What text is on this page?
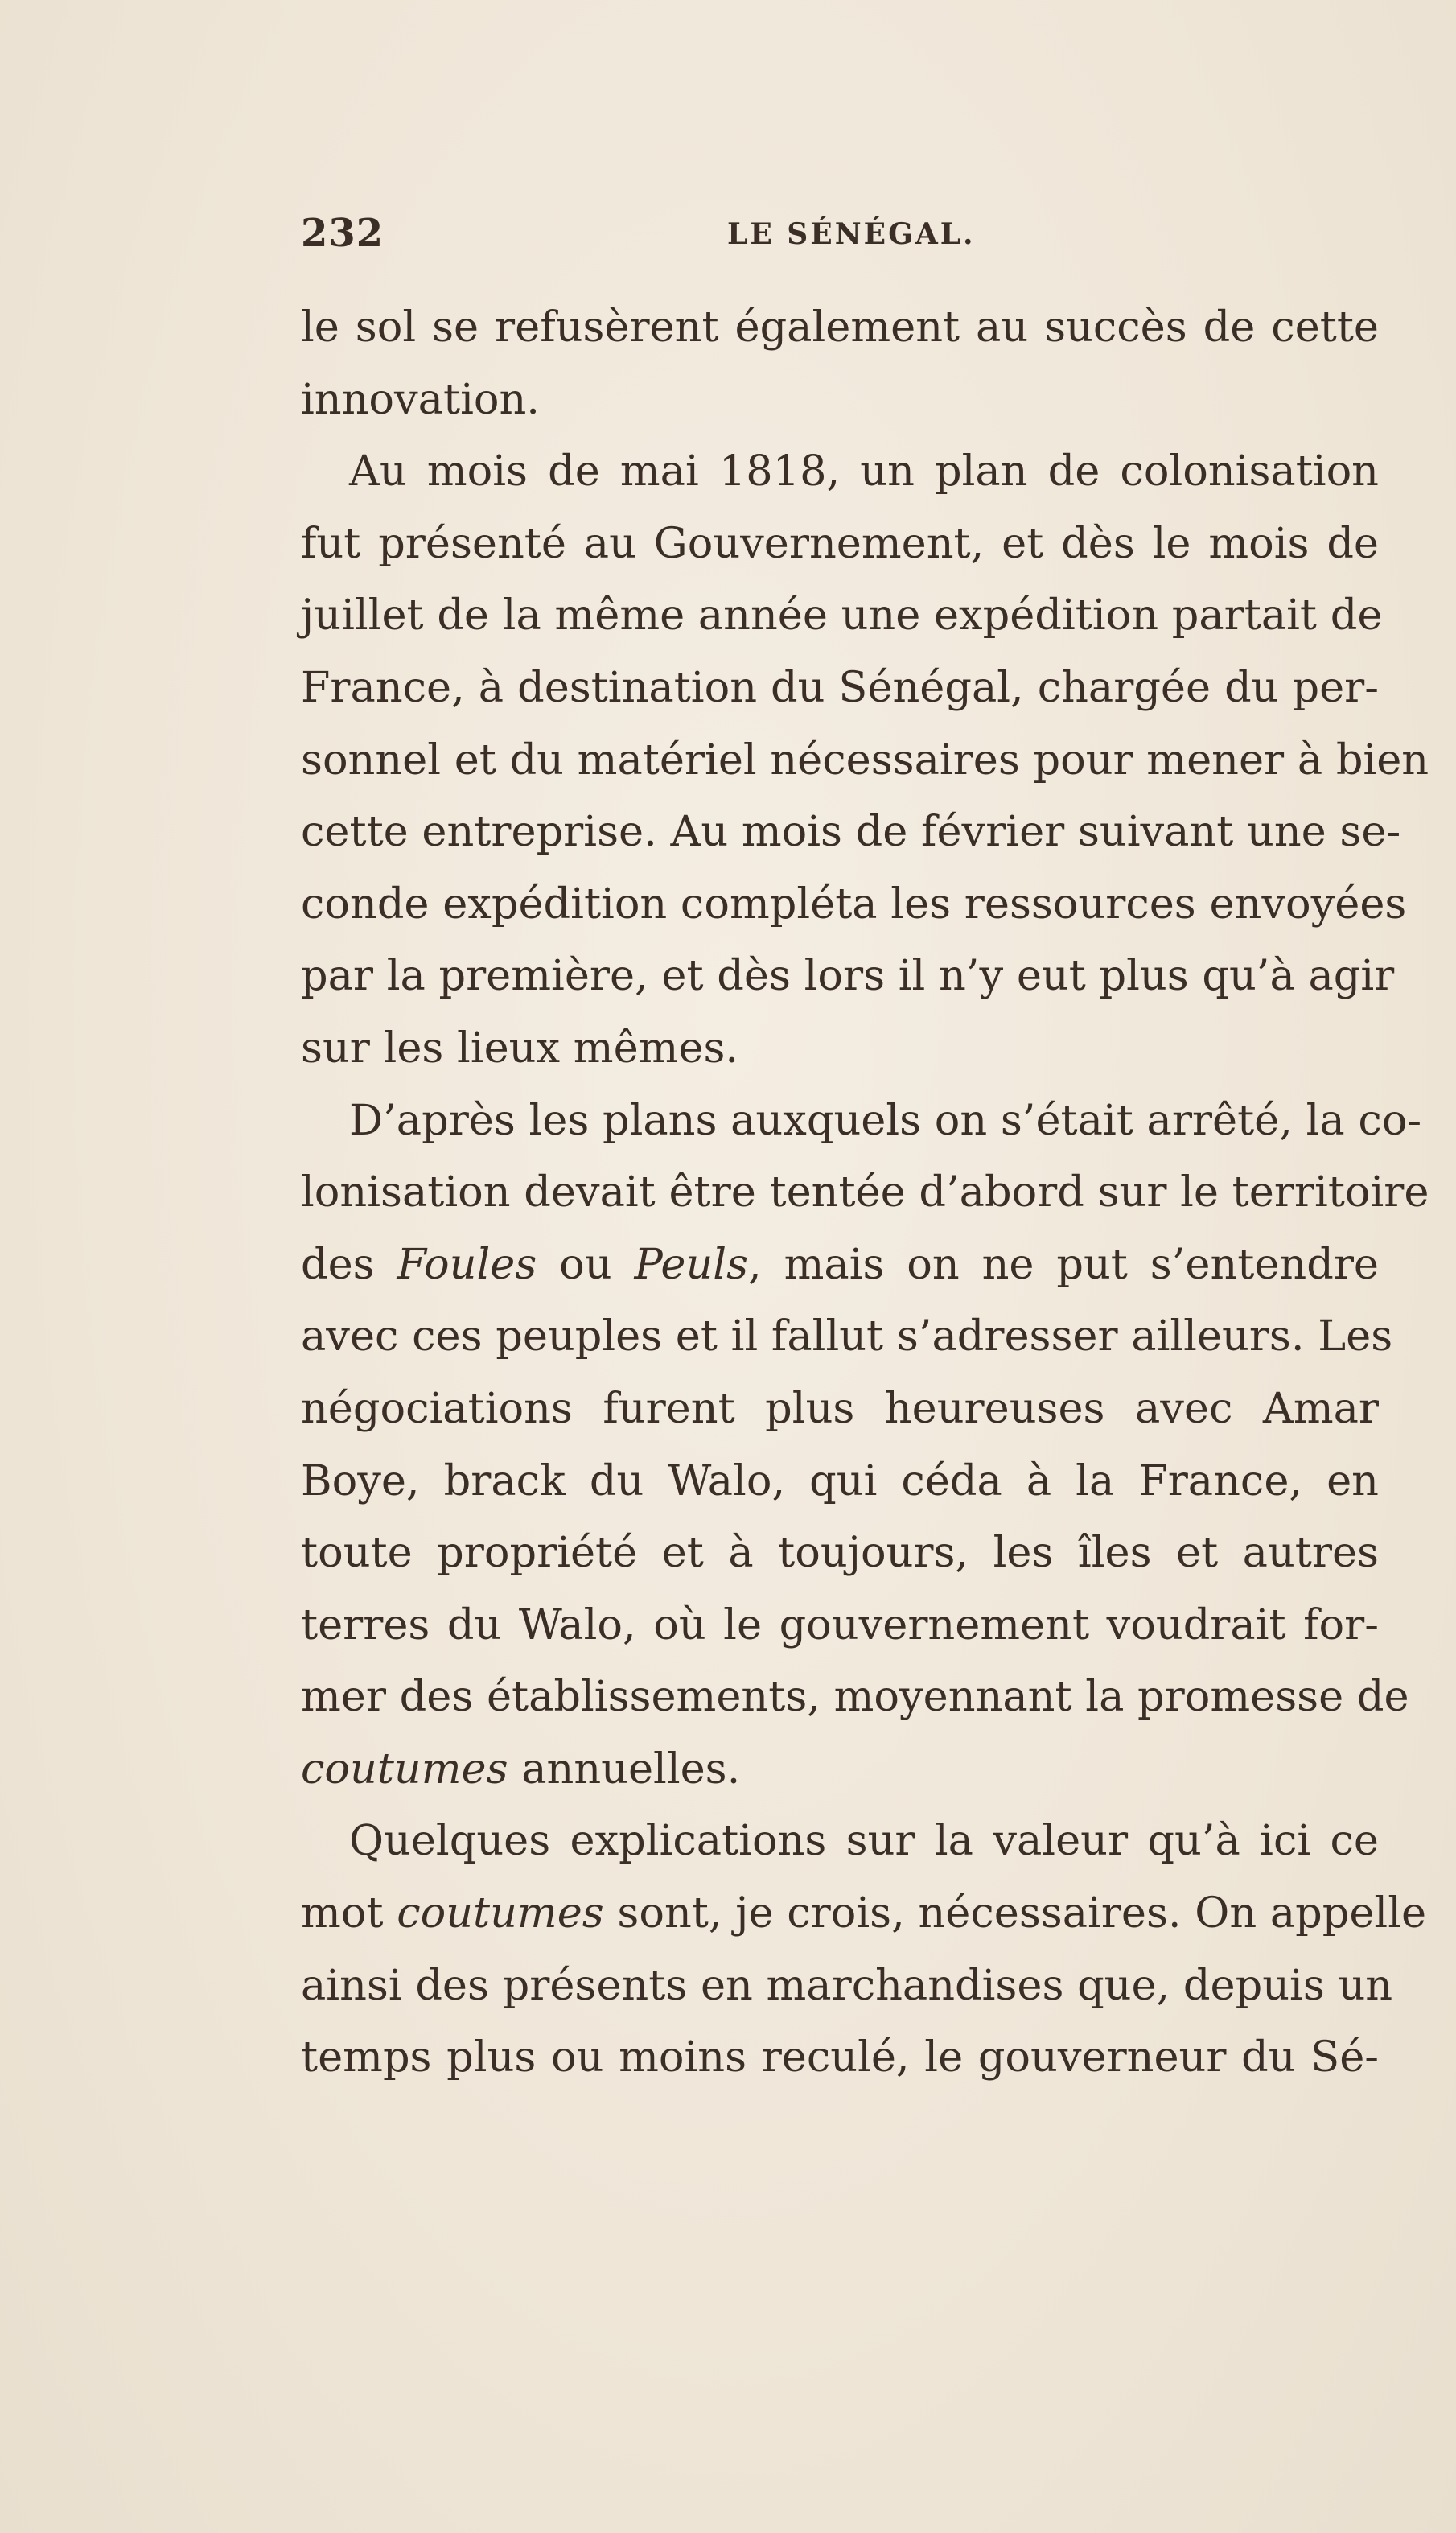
232	LE SÉNÉGAL.
le sol se refusèrent également au succès de cette
innovation.
Au mois de mai 1818, un plan de colonisation
fut présenté au Gouvernement, et dès le mois de
juillet de la même année une expédition partait de
France, à destination du Sénégal, chargée du per-
sonnel et du matériel nécessaires pour mener à bien
cette entreprise. Au mois de février suivant une se-
conde expédition compléta les ressources envoyées
par la première, et dès lors il n’y eut plus qu’à agir
sur les lieux mêmes.
D’après les plans auxquels on s’était arrêté, la co-
lonisation devait être tentée d’abord sur le territoire
des Foules ou Peuls, mais on ne put s’entendre
avec ces peuples et il fallut s’adresser ailleurs. Les
négociations furent plus heureuses avec Amar
Boye, brack du Walo, qui céda à la France, en
toute propriété et à toujours, les îles et autres
terres du Walo, où le gouvernement voudrait for-
mer des établissements, moyennant la promesse de
coutumes annuelles.
Quelques explications sur la valeur qu’à ici ce
mot coutumes sont, je crois, nécessaires. On appelle
ainsi des présents en marchandises que, depuis un
temps plus ou moins reculé, le gouverneur du Sé-
